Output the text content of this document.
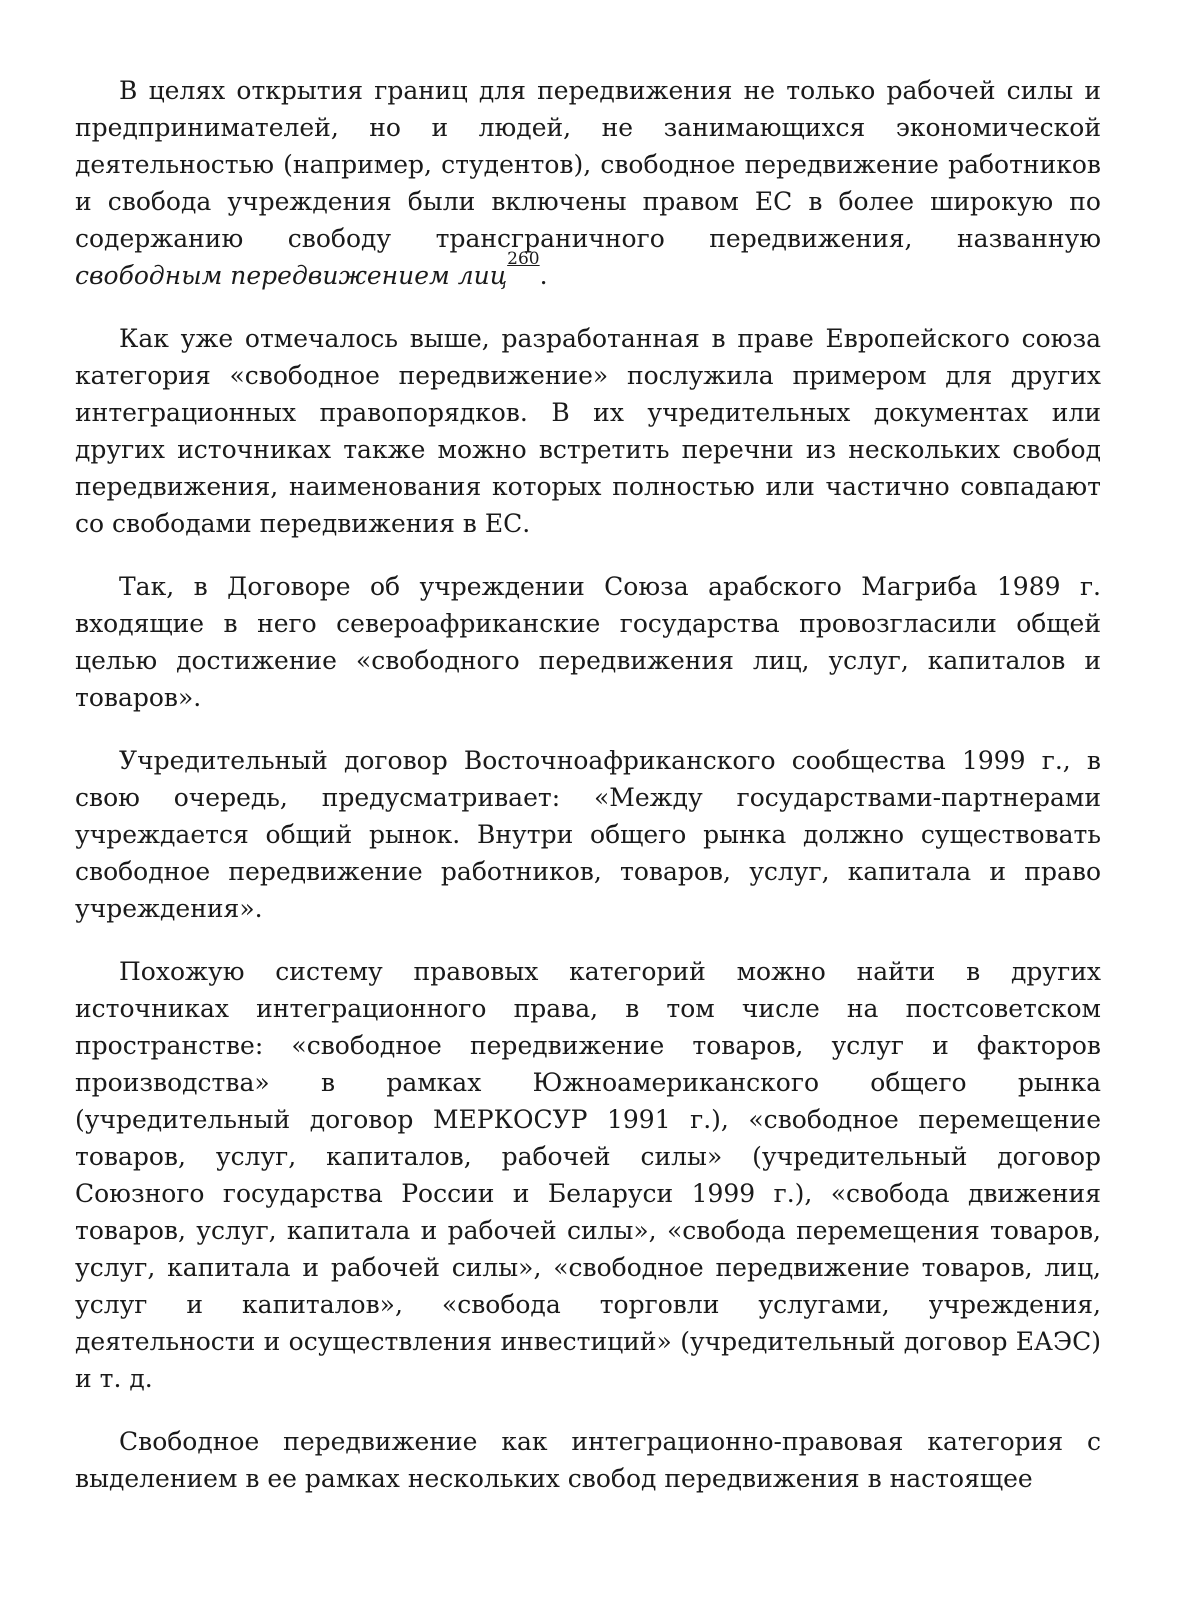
В целях открытия границ для передвижения не только рабочей силы и предпринимателей, но и людей, не занимающихся экономической деятельностью (например, студентов), свободное передвижение работников и свобода учреждения были включены правом ЕС в более широкую по содержанию свободу трансграничного передвижения, названную свободным передвижением лиц$^{260}$.

Как уже отмечалось выше, разработанная в праве Европейского союза категория «свободное передвижение» послужила примером для других интеграционных правопорядков. В их учредительных документах или других источниках также можно встретить перечни из нескольких свобод передвижения, наименования которых полностью или частично совпадают со свободами передвижения в ЕС.

Так, в Договоре об учреждении Союза арабского Магриба 1989 г. входящие в него североафриканские государства провозгласили общей целью достижение «свободного передвижения лиц, услуг, капиталов и товаров».

Учредительный договор Восточноафриканского сообщества 1999 г., в свою очередь, предусматривает: «Между государствами-партнерами учреждается общий рынок. Внутри общего рынка должно существовать свободное передвижение работников, товаров, услуг, капитала и право учреждения».

Похожую систему правовых категорий можно найти в других источниках интеграционного права, в том числе на постсоветском пространстве: «свободное передвижение товаров, услуг и факторов производства» в рамках Южноамериканского общего рынка (учредительный договор МЕРКОСУР 1991 г.), «свободное перемещение товаров, услуг, капиталов, рабочей силы» (учредительный договор Союзного государства России и Беларуси 1999 г.), «свобода движения товаров, услуг, капитала и рабочей силы», «свобода перемещения товаров, услуг, капитала и рабочей силы», «свободное передвижение товаров, лиц, услуг и капиталов», «свобода торговли услугами, учреждения, деятельности и осуществления инвестиций» (учредительный договор ЕАЭС) и т. д.

Свободное передвижение как интеграционно-правовая категория с выделением в ее рамках нескольких свобод передвижения в настоящее
